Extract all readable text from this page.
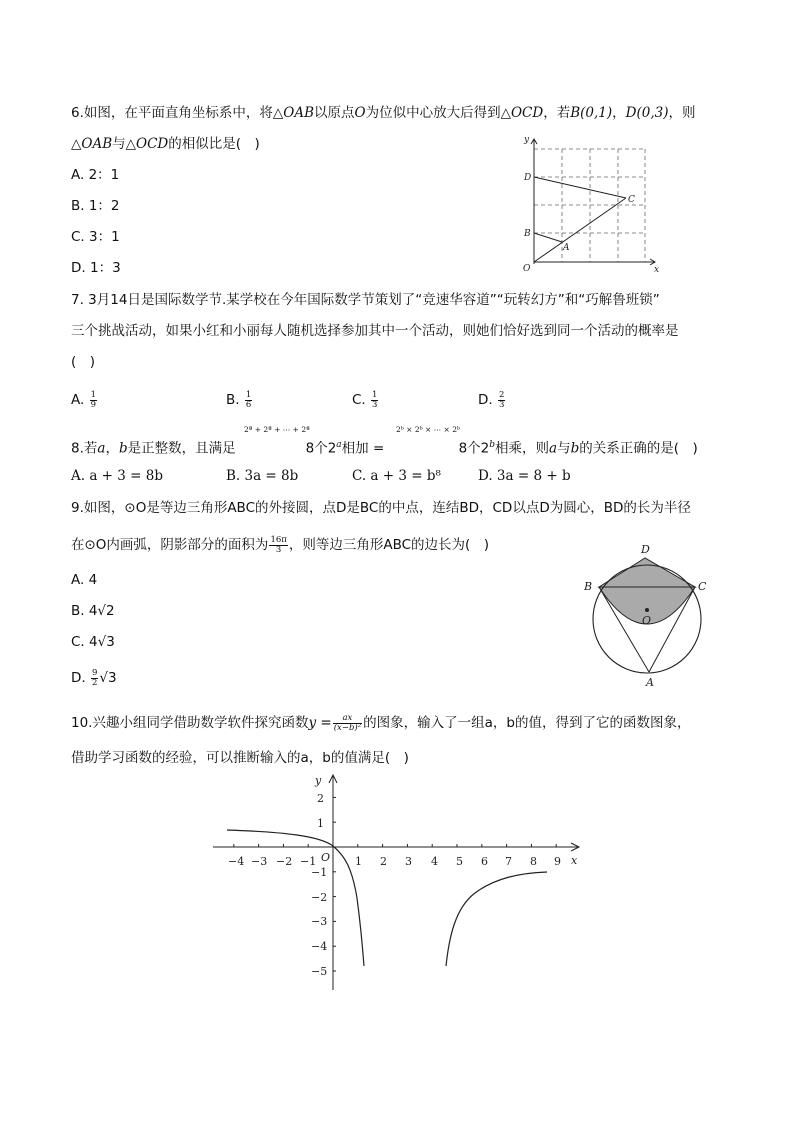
6.如图，在平面直角坐标系中，将△OAB以原点O为位似中心放大后得到△OCD，若B(0,1)，D(0,3)，则
△OAB与△OCD的相似比是(　)
A. 2：1
B. 1：2
C. 3：1
D. 1：3
y
D
C
B
A
O	x
7. 3月14日是国际数学节.某学校在今年国际数学节策划了“竞速华容道”“玩转幻方”和“巧解鲁班锁”
三个挑战活动，如果小红和小丽每人随机选择参加其中一个活动，则她们恰好选到同一个活动的概率是
(　)
A. $\frac{1}{9}$	B. $\frac{1}{6}$	C. $\frac{1}{3}$	D. $\frac{2}{3}$
2ª + 2ª + ⋯ + 2ª	2ᵇ × 2ᵇ × ⋯ × 2ᵇ
8.若a，b是正整数，且满足	8个2$^a$相加 =	8个2$^b$相乘，则a与b的关系正确的是(　)
A. a + 3 = 8b	B. 3a = 8b	C. a + 3 = b⁸	D. 3a = 8 + b
9.如图，⊙O是等边三角形ABC的外接圆，点D是BC的中点，连结BD，CD以点D为圆心，BD的长为半径
在⊙O内画弧，阴影部分的面积为 $\frac{16\pi}{3}$ ，则等边三角形ABC的边长为(　)
A. 4
B. 4√2
C. 4√3
D. $\frac{9}{2} √3$
D
B	C
O
A
10.兴趣小组同学借助数学软件探究函数$y = \frac{ax}{\text{(x−b)²}}$ 的图象，输入了一组a，b的值，得到了它的函数图象，
借助学习函数的经验，可以推断输入的a，b的值满足(　)
−4 −3 −2 −1	1 2 3 4 5 6 7 8 9
2
1
−1
−2
−3
−4
−5
x
y
O
